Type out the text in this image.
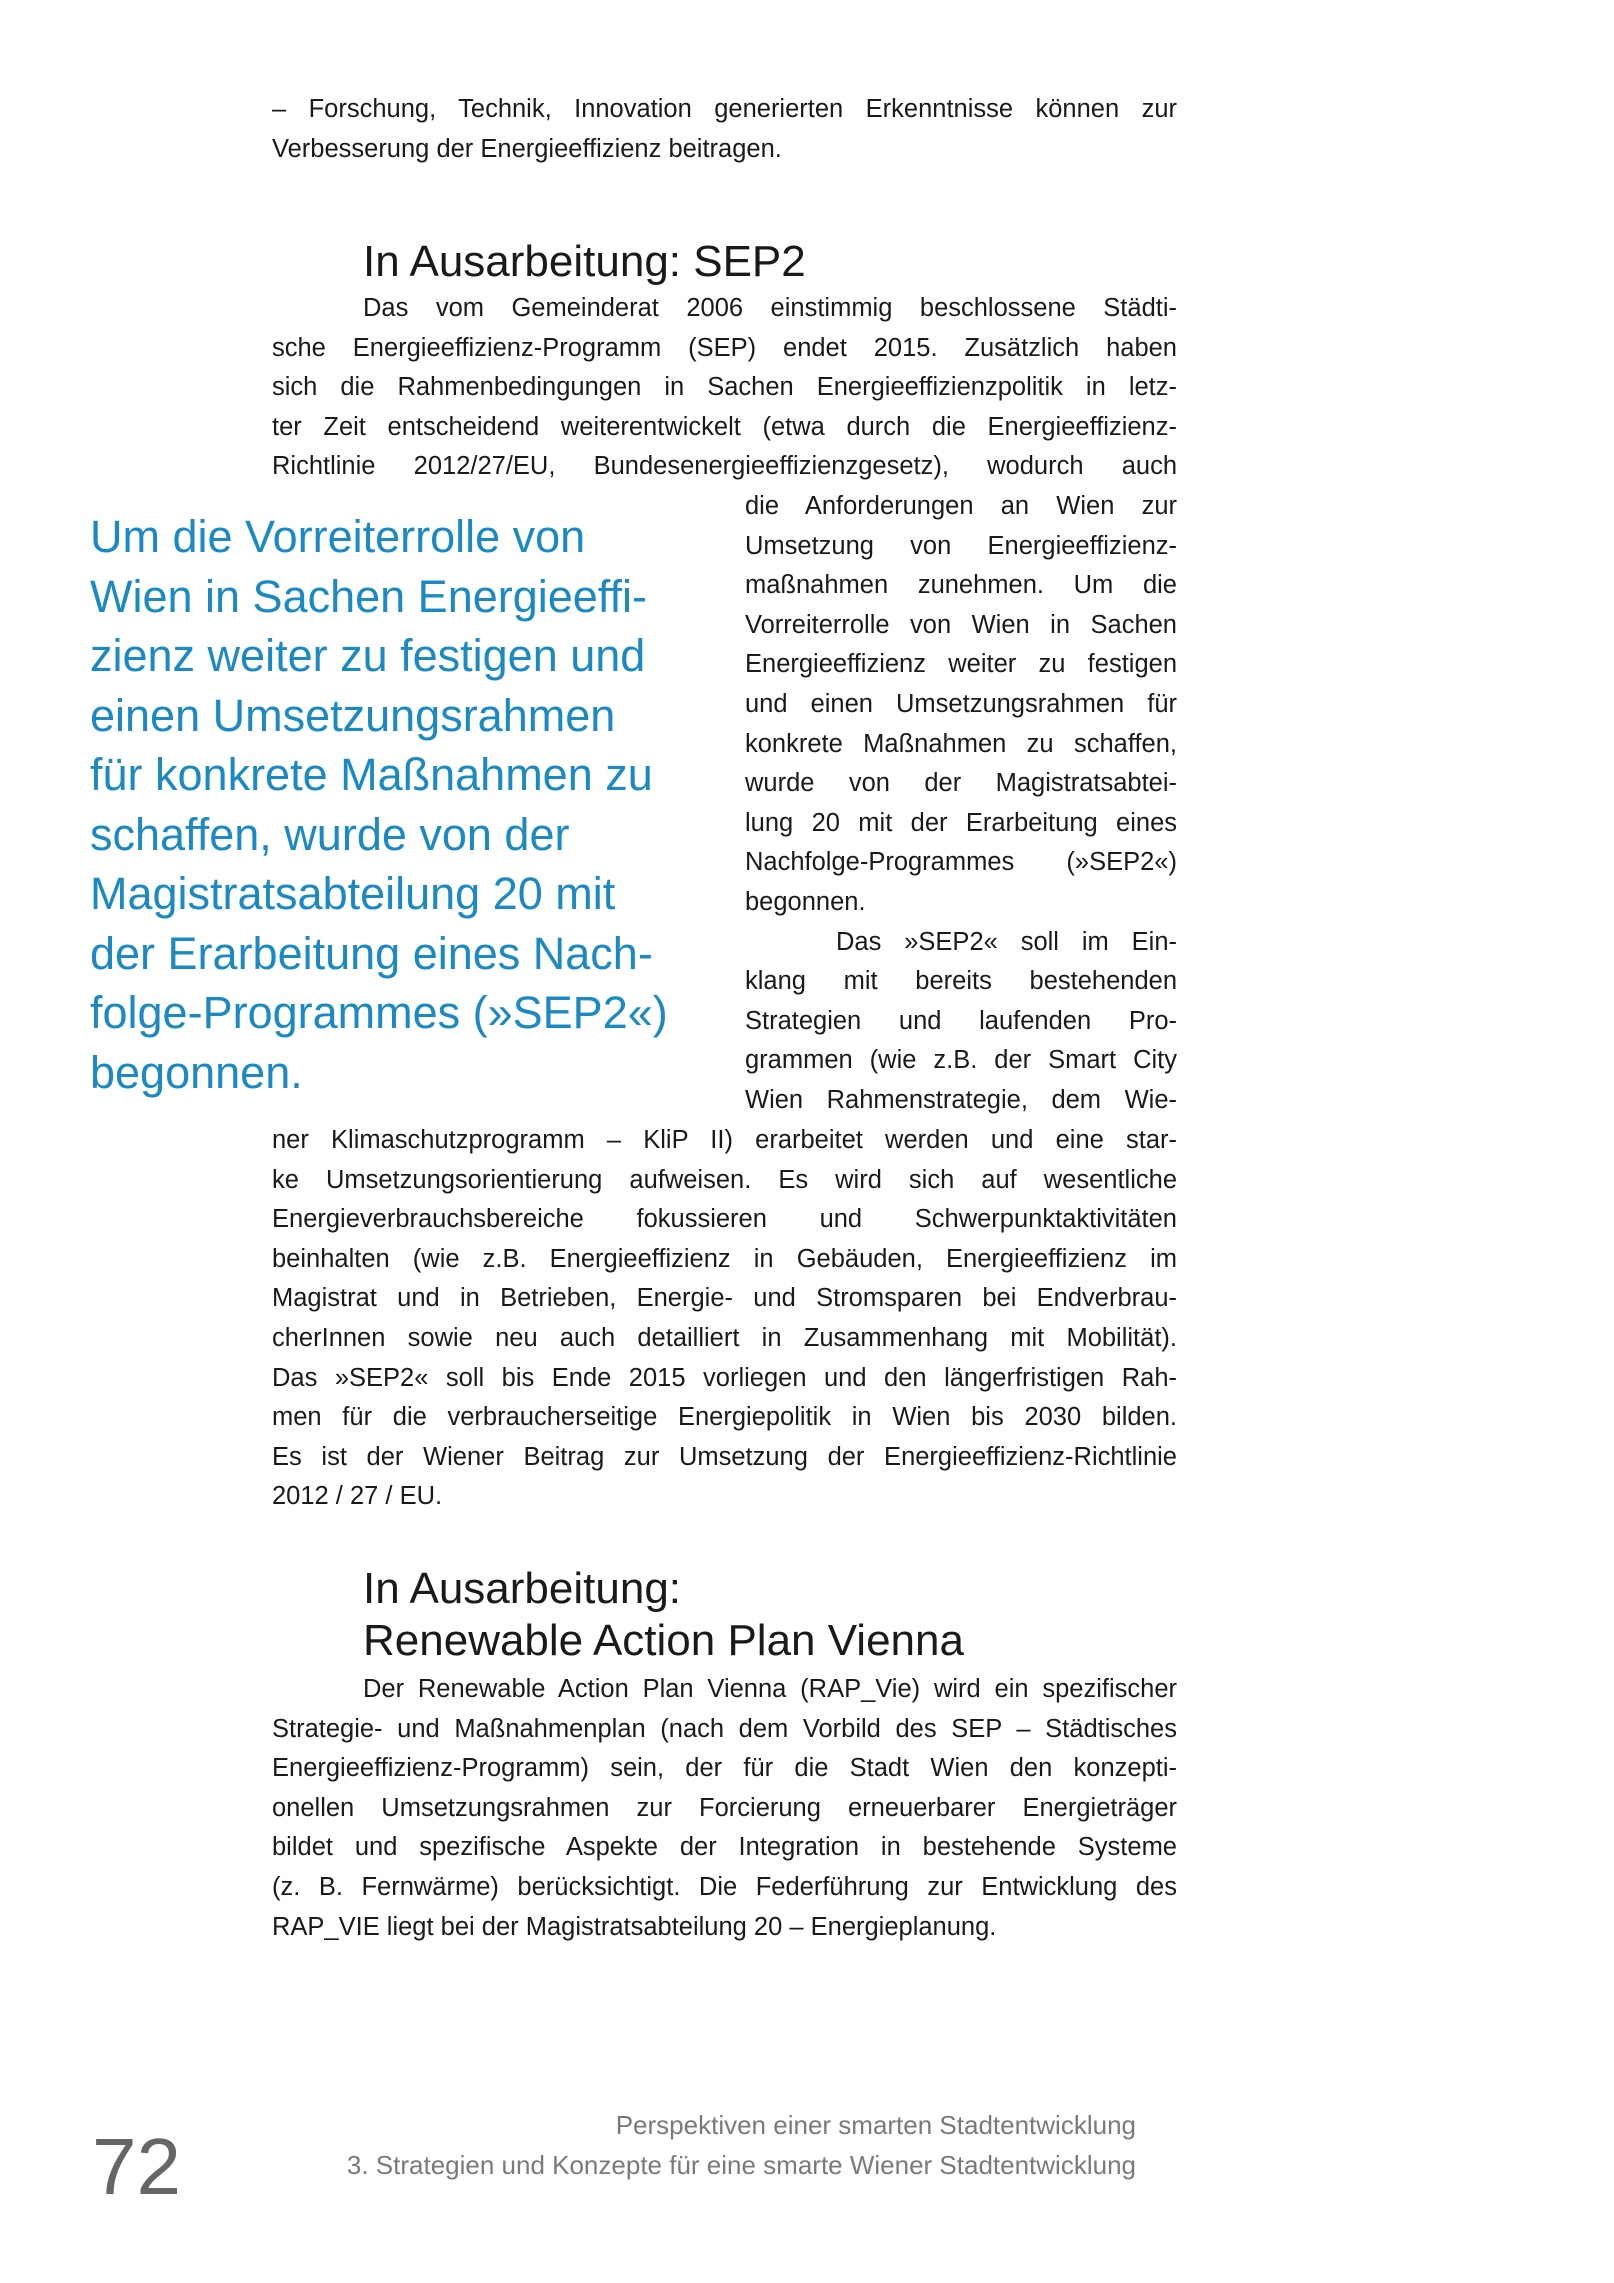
– Forschung, Technik, Innovation generierten Erkenntnisse können zur
Verbesserung der Energieeffizienz beitragen.
In Ausarbeitung: SEP2
Das vom Gemeinderat 2006 einstimmig beschlossene Städti-
sche Energieeffizienz-Programm (SEP) endet 2015. Zusätzlich haben
sich die Rahmenbedingungen in Sachen Energieeffizienzpolitik in letz-
ter Zeit entscheidend weiterentwickelt (etwa durch die Energieeffizienz-
Richtlinie 2012/27/EU, Bundesenergieeffizienzgesetz), wodurch auch
Um die Vorreiterrolle von
Wien in Sachen Energieeffi-
zienz weiter zu festigen und
einen Umsetzungsrahmen
für konkrete Maßnahmen zu
schaffen, wurde von der
Magistratsabteilung 20 mit
der Erarbeitung eines Nach-
folge-Programmes (»SEP2«)
begonnen.
die Anforderungen an Wien zur
Umsetzung von Energieeffizienz-
maßnahmen zunehmen. Um die
Vorreiterrolle von Wien in Sachen
Energieeffizienz weiter zu festigen
und einen Umsetzungsrahmen für
konkrete Maßnahmen zu schaffen,
wurde von der Magistratsabtei-
lung 20 mit der Erarbeitung eines
Nachfolge-Programmes (»SEP2«)
begonnen.
Das »SEP2« soll im Ein-
klang mit bereits bestehenden
Strategien und laufenden Pro-
grammen (wie z.B. der Smart City
Wien Rahmenstrategie, dem Wie-
ner Klimaschutzprogramm – KliP II) erarbeitet werden und eine star-
ke Umsetzungsorientierung aufweisen. Es wird sich auf wesentliche
Energieverbrauchsbereiche fokussieren und Schwerpunktaktivitäten
beinhalten (wie z.B. Energieeffizienz in Gebäuden, Energieeffizienz im
Magistrat und in Betrieben, Energie- und Stromsparen bei Endverbrau-
cherInnen sowie neu auch detailliert in Zusammenhang mit Mobilität).
Das »SEP2« soll bis Ende 2015 vorliegen und den längerfristigen Rah-
men für die verbraucherseitige Energiepolitik in Wien bis 2030 bilden.
Es ist der Wiener Beitrag zur Umsetzung der Energieeffizienz-Richtlinie
2012 / 27 / EU.
In Ausarbeitung:
Renewable Action Plan Vienna
Der Renewable Action Plan Vienna (RAP_Vie) wird ein spezifischer
Strategie- und Maßnahmenplan (nach dem Vorbild des SEP – Städtisches
Energieeffizienz-Programm) sein, der für die Stadt Wien den konzepti-
onellen Umsetzungsrahmen zur Forcierung erneuerbarer Energieträger
bildet und spezifische Aspekte der Integration in bestehende Systeme
(z. B. Fernwärme) berücksichtigt. Die Federführung zur Entwicklung des
RAP_VIE liegt bei der Magistratsabteilung 20 – Energieplanung.
72	Perspektiven einer smarten Stadtentwicklung
3. Strategien und Konzepte für eine smarte Wiener Stadtentwicklung
